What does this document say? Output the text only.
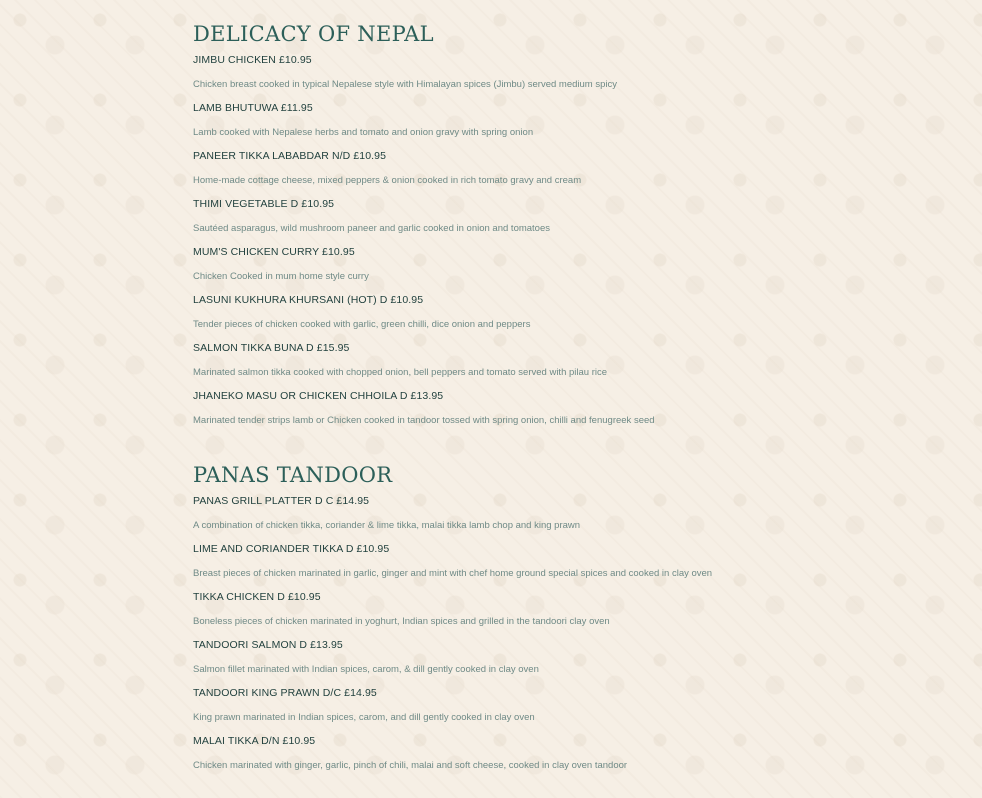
DELICACY OF NEPAL
JIMBU CHICKEN £10.95
Chicken breast cooked in typical Nepalese style with Himalayan spices (Jimbu) served medium spicy
LAMB BHUTUWA £11.95
Lamb cooked with Nepalese herbs and tomato and onion gravy with spring onion
PANEER TIKKA LABABDAR N/D £10.95
Home-made cottage cheese, mixed peppers & onion cooked in rich tomato gravy and cream
THIMI VEGETABLE D £10.95
Sautéed asparagus, wild mushroom paneer and garlic cooked in onion and tomatoes
MUM'S CHICKEN CURRY £10.95
Chicken Cooked in mum home style curry
LASUNI KUKHURA KHURSANI (HOT) D £10.95
Tender pieces of chicken cooked with garlic, green chilli, dice onion and peppers
SALMON TIKKA BUNA D £15.95
Marinated salmon tikka cooked with chopped onion, bell peppers and tomato served with pilau rice
JHANEKO MASU OR CHICKEN CHHOILA D £13.95
Marinated tender strips lamb or Chicken cooked in tandoor tossed with spring onion, chilli and fenugreek seed
PANAS TANDOOR
PANAS GRILL PLATTER D C £14.95
A combination of chicken tikka, coriander & lime tikka, malai tikka lamb chop and king prawn
LIME AND CORIANDER TIKKA D £10.95
Breast pieces of chicken marinated in garlic, ginger and mint with chef home ground special spices and cooked in clay oven
TIKKA CHICKEN D £10.95
Boneless pieces of chicken marinated in yoghurt, Indian spices and grilled in the tandoori clay oven
TANDOORI SALMON D £13.95
Salmon fillet marinated with Indian spices, carom, & dill gently cooked in clay oven
TANDOORI KING PRAWN D/C £14.95
King prawn marinated in Indian spices, carom, and dill gently cooked in clay oven
MALAI TIKKA D/N £10.95
Chicken marinated with ginger, garlic, pinch of chili, malai and soft cheese, cooked in clay oven tandoor
